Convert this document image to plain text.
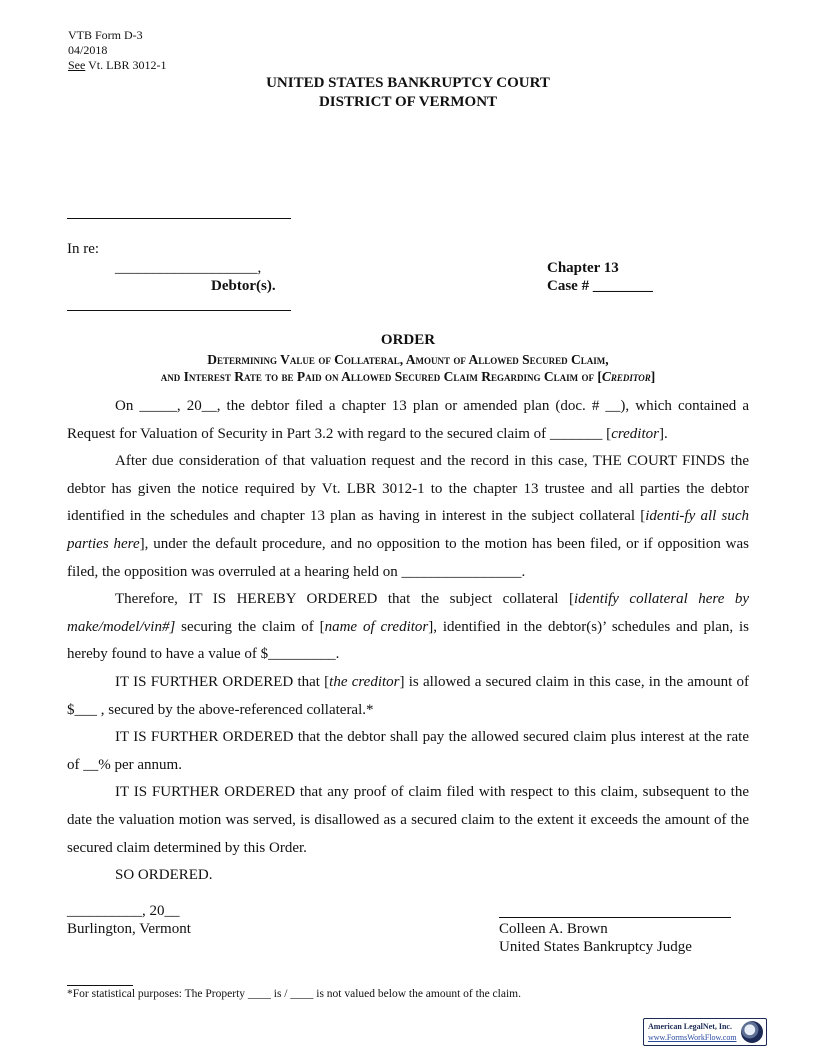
VTB Form D-3
04/2018
See Vt. LBR 3012-1
UNITED STATES BANKRUPTCY COURT
DISTRICT OF VERMONT
In re:
___________________,
Debtor(s).
Chapter 13
Case # ________
ORDER
Determining Value of Collateral, Amount of Allowed Secured Claim,
and Interest Rate to be Paid on Allowed Secured Claim Regarding Claim of [Creditor]

On _____, 20__, the debtor filed a chapter 13 plan or amended plan (doc. # __), which contained a Request for Valuation of Security in Part 3.2 with regard to the secured claim of _______ [creditor].

After due consideration of that valuation request and the record in this case, THE COURT FINDS the debtor has given the notice required by Vt. LBR 3012-1 to the chapter 13 trustee and all parties the debtor identified in the schedules and chapter 13 plan as having in interest in the subject collateral [identi-fy all such parties here], under the default procedure, and no opposition to the motion has been filed, or if opposition was filed, the opposition was overruled at a hearing held on ________________.

Therefore, IT IS HEREBY ORDERED that the subject collateral [identify collateral here by make/model/vin#] securing the claim of [name of creditor], identified in the debtor(s)’ schedules and plan, is hereby found to have a value of $_________.

IT IS FURTHER ORDERED that [the creditor] is allowed a secured claim in this case, in the amount of $___ , secured by the above-referenced collateral.*

IT IS FURTHER ORDERED that the debtor shall pay the allowed secured claim plus interest at the rate of __% per annum.

IT IS FURTHER ORDERED that any proof of claim filed with respect to this claim, subsequent to the date the valuation motion was served, is disallowed as a secured claim to the extent it exceeds the amount of the secured claim determined by this Order.

SO ORDERED.

__________, 20__
Burlington, Vermont	Colleen A. Brown
United States Bankruptcy Judge
*For statistical purposes: The Property ____ is / ____ is not valued below the amount of the claim.
American LegalNet, Inc.
www.FormsWorkFlow.com
